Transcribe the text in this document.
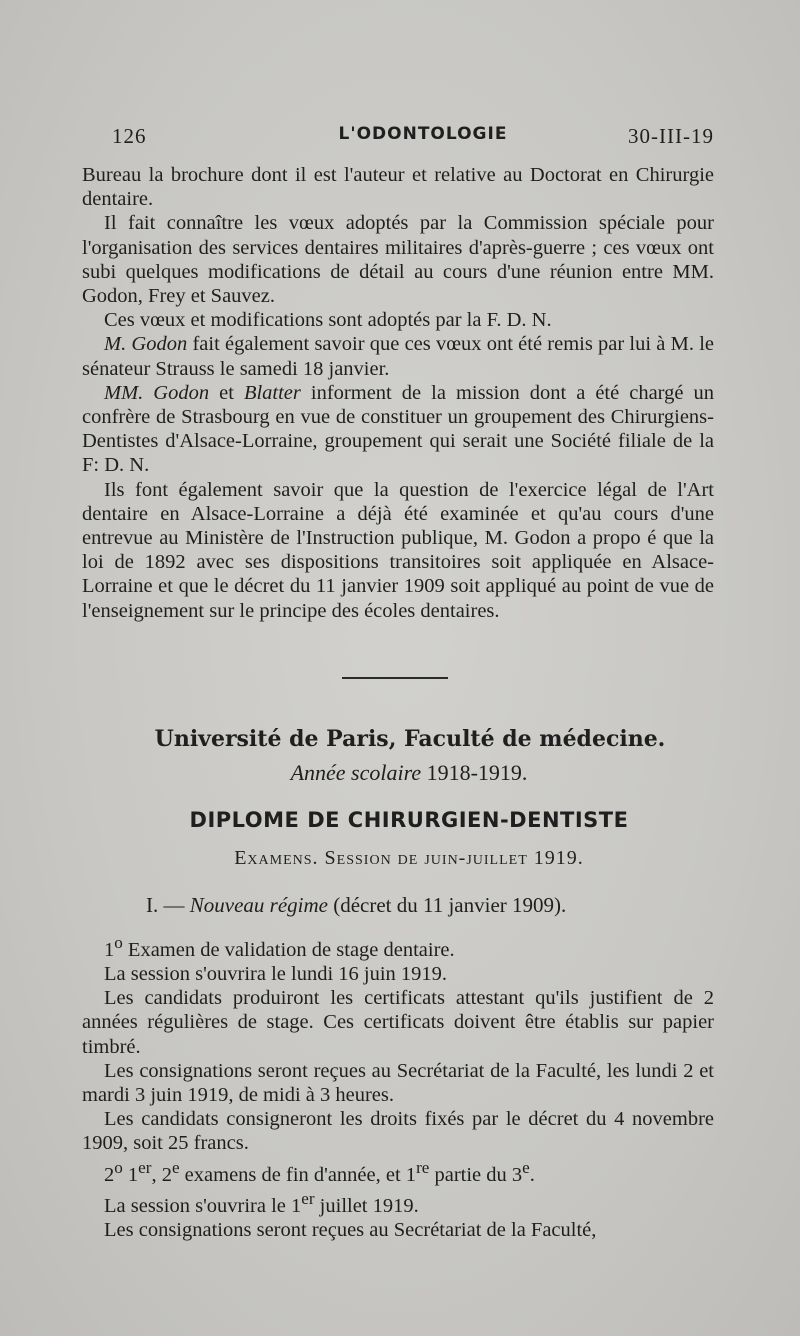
126	L'ODONTOLOGIE	30-III-19

Bureau la brochure dont il est l'auteur et relative au Doctorat en Chirurgie dentaire.

Il fait connaître les vœux adoptés par la Commission spéciale pour l'organisation des services dentaires militaires d'après-guerre ; ces vœux ont subi quelques modifications de détail au cours d'une réunion entre MM. Godon, Frey et Sauvez.

Ces vœux et modifications sont adoptés par la F. D. N.

M. Godon fait également savoir que ces vœux ont été remis par lui à M. le sénateur Strauss le samedi 18 janvier.

MM. Godon et Blatter informent de la mission dont a été chargé un confrère de Strasbourg en vue de constituer un groupement des Chirurgiens-Dentistes d'Alsace-Lorraine, groupement qui serait une Société filiale de la F: D. N.

Ils font également savoir que la question de l'exercice légal de l'Art dentaire en Alsace-Lorraine a déjà été examinée et qu'au cours d'une entrevue au Ministère de l'Instruction publique, M. Godon a propo é que la loi de 1892 avec ses dispositions transitoires soit appliquée en Alsace-Lorraine et que le décret du 11 janvier 1909 soit appliqué au point de vue de l'enseignement sur le principe des écoles dentaires.

Université de Paris, Faculté de médecine.
Année scolaire 1918-1919.
DIPLOME DE CHIRURGIEN-DENTISTE
Examens. Session de juin-juillet 1919.
I. — Nouveau régime (décret du 11 janvier 1909).

1$^o$ Examen de validation de stage dentaire.

La session s'ouvrira le lundi 16 juin 1919.

Les candidats produiront les certificats attestant qu'ils justifient de 2 années régulières de stage. Ces certificats doivent être établis sur papier timbré.

Les consignations seront reçues au Secrétariat de la Faculté, les lundi 2 et mardi 3 juin 1919, de midi à 3 heures.

Les candidats consigneront les droits fixés par le décret du 4 novembre 1909, soit 25 francs.

2$^o$ 1er, 2e examens de fin d'année, et 1re partie du 3e.

La session s'ouvrira le 1er juillet 1919.

Les consignations seront reçues au Secrétariat de la Faculté,
